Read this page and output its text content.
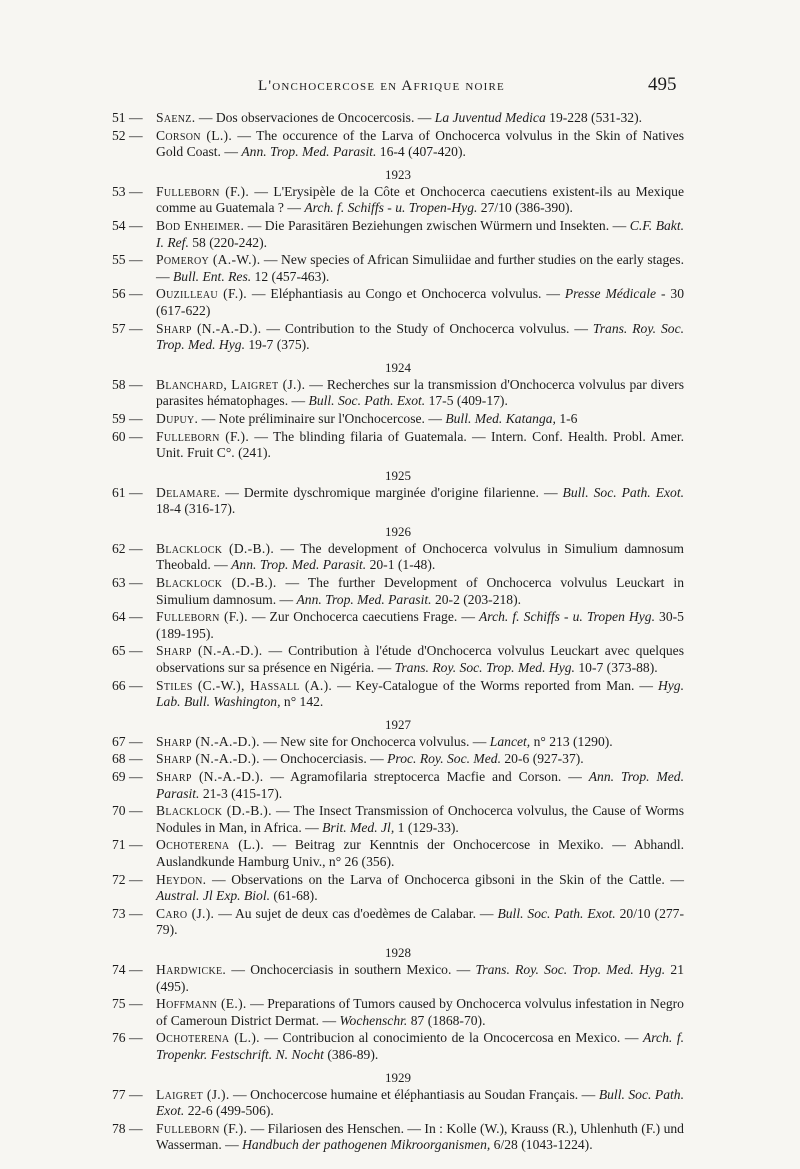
L'onchocercose en Afrique noire	495
51 — Saenz. — Dos observaciones de Oncocercosis. — La Juventud Medica 19-228 (531-32).
52 — Corson (L.). — The occurence of the Larva of Onchocerca volvulus in the Skin of Natives Gold Coast. — Ann. Trop. Med. Parasit. 16-4 (407-420).
1923
53 — Fulleborn (F.). — L'Erysipèle de la Côte et Onchocerca caecutiens existent-ils au Mexique comme au Guatemala ? — Arch. f. Schiffs - u. Tropen-Hyg. 27/10 (386-390).
54 — Bod Enheimer. — Die Parasitären Beziehungen zwischen Würmern und Insekten. — C.F. Bakt. I. Ref. 58 (220-242).
55 — Pomeroy (A.-W.). — New species of African Simuliidae and further studies on the early stages. — Bull. Ent. Res. 12 (457-463).
56 — Ouzilleau (F.). — Eléphantiasis au Congo et Onchocerca volvulus. — Presse Médicale - 30 (617-622)
57 — Sharp (N.-A.-D.). — Contribution to the Study of Onchocerca volvulus. — Trans. Roy. Soc. Trop. Med. Hyg. 19-7 (375).
1924
58 — Blanchard, Laigret (J.). — Recherches sur la transmission d'Onchocerca volvulus par divers parasites hématophages. — Bull. Soc. Path. Exot. 17-5 (409-17).
59 — Dupuy. — Note préliminaire sur l'Onchocercose. — Bull. Med. Katanga, 1-6
60 — Fulleborn (F.). — The blinding filaria of Guatemala. — Intern. Conf. Health. Probl. Amer. Unit. Fruit C°. (241).
1925
61 — Delamare. — Dermite dyschromique marginée d'origine filarienne. — Bull. Soc. Path. Exot. 18-4 (316-17).
1926
62 — Blacklock (D.-B.). — The development of Onchocerca volvulus in Simulium damnosum Theobald. — Ann. Trop. Med. Parasit. 20-1 (1-48).
63 — Blacklock (D.-B.). — The further Development of Onchocerca volvulus Leuckart in Simulium damnosum. — Ann. Trop. Med. Parasit. 20-2 (203-218).
64 — Fulleborn (F.). — Zur Onchocerca caecutiens Frage. — Arch. f. Schiffs - u. Tropen Hyg. 30-5 (189-195).
65 — Sharp (N.-A.-D.). — Contribution à l'étude d'Onchocerca volvulus Leuckart avec quelques observations sur sa présence en Nigéria. — Trans. Roy. Soc. Trop. Med. Hyg. 10-7 (373-88).
66 — Stiles (C.-W.), Hassall (A.). — Key-Catalogue of the Worms reported from Man. — Hyg. Lab. Bull. Washington, n° 142.
1927
67 — Sharp (N.-A.-D.). — New site for Onchocerca volvulus. — Lancet, n° 213 (1290).
68 — Sharp (N.-A.-D.). — Onchocerciasis. — Proc. Roy. Soc. Med. 20-6 (927-37).
69 — Sharp (N.-A.-D.). — Agramofilaria streptocerca Macfie and Corson. — Ann. Trop. Med. Parasit. 21-3 (415-17).
70 — Blacklock (D.-B.). — The Insect Transmission of Onchocerca volvulus, the Cause of Worms Nodules in Man, in Africa. — Brit. Med. Jl, 1 (129-33).
71 — Ochoterena (L.). — Beitrag zur Kenntnis der Onchocercose in Mexiko. — Abhandl. Auslandkunde Hamburg Univ., n° 26 (356).
72 — Heydon. — Observations on the Larva of Onchocerca gibsoni in the Skin of the Cattle. — Austral. Jl Exp. Biol. (61-68).
73 — Caro (J.). — Au sujet de deux cas d'oedèmes de Calabar. — Bull. Soc. Path. Exot. 20/10 (277-79).
1928
74 — Hardwicke. — Onchocerciasis in southern Mexico. — Trans. Roy. Soc. Trop. Med. Hyg. 21 (495).
75 — Hoffmann (E.). — Preparations of Tumors caused by Onchocerca volvulus infestation in Negro of Cameroun District Dermat. — Wochenschr. 87 (1868-70).
76 — Ochoterena (L.). — Contribucion al conocimiento de la Oncocercosa en Mexico. — Arch. f. Tropenkr. Festschrift. N. Nocht (386-89).
1929
77 — Laigret (J.). — Onchocercose humaine et éléphantiasis au Soudan Français. — Bull. Soc. Path. Exot. 22-6 (499-506).
78 — Fulleborn (F.). — Filariosen des Henschen. — In : Kolle (W.), Krauss (R.), Uhlenhuth (F.) und Wasserman. — Handbuch der pathogenen Mikroorganismen, 6/28 (1043-1224).
